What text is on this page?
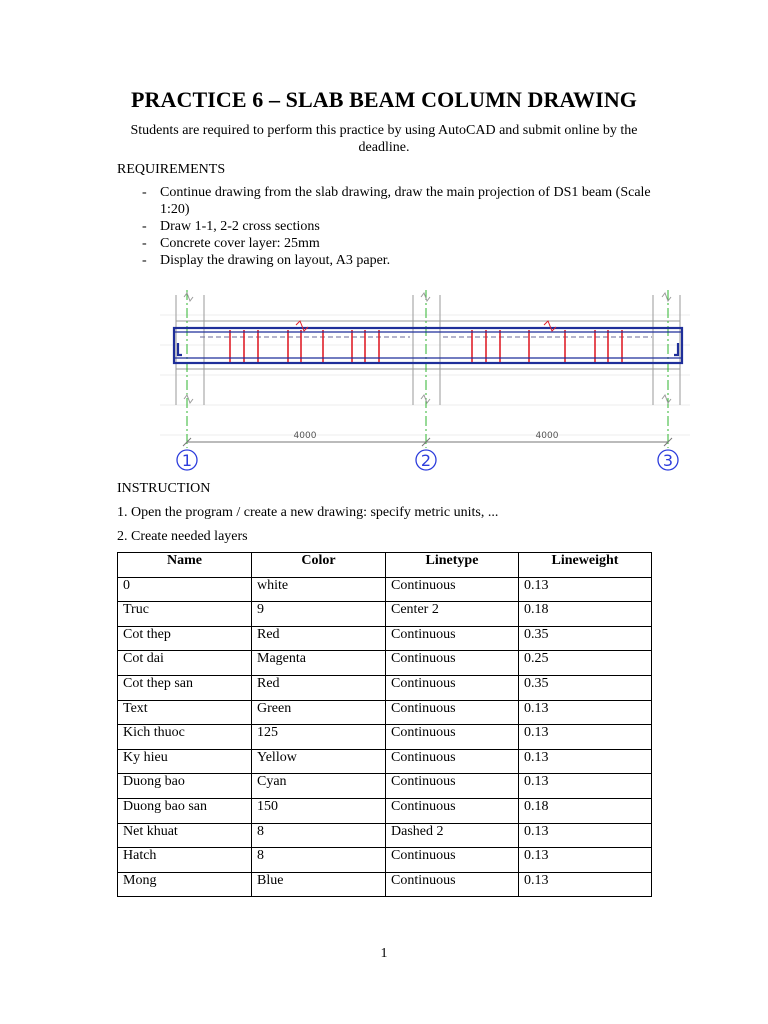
PRACTICE 6 – SLAB BEAM COLUMN DRAWING

Students are required to perform this practice by using AutoCAD and submit online by the deadline.

REQUIREMENTS

- Continue drawing from the slab drawing, draw the main projection of DS1 beam (Scale 1:20)
- Draw 1-1, 2-2 cross sections
- Concrete cover layer: 25mm
- Display the drawing on layout, A3 paper.
4000	4000
1	2	3

INSTRUCTION

1. Open the program / create a new drawing: specify metric units, ...

2. Create needed layers

Name	Color	Linetype	Lineweight
0	white	Continuous	0.13
Truc	9	Center 2	0.18
Cot thep	Red	Continuous	0.35
Cot dai	Magenta	Continuous	0.25
Cot thep san	Red	Continuous	0.35
Text	Green	Continuous	0.13
Kich thuoc	125	Continuous	0.13
Ky hieu	Yellow	Continuous	0.13
Duong bao	Cyan	Continuous	0.13
Duong bao san	150	Continuous	0.18
Net khuat	8	Dashed 2	0.13
Hatch	8	Continuous	0.13
Mong	Blue	Continuous	0.13
1
